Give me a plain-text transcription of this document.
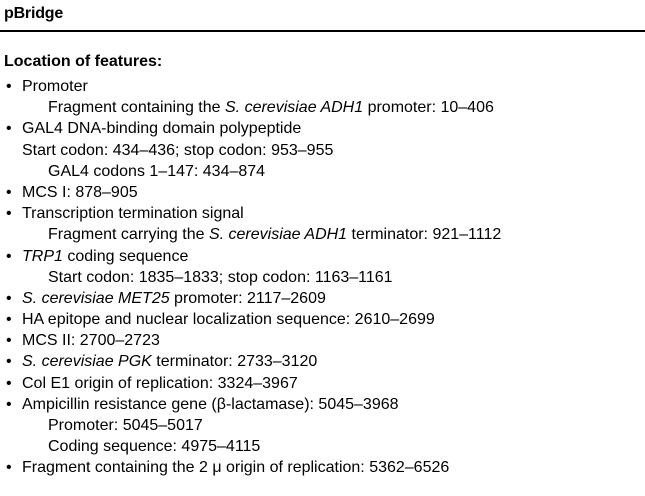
pBridge
Location of features:
• Promoter
Fragment containing the S. cerevisiae ADH1 promoter: 10–406
• GAL4 DNA-binding domain polypeptide
Start codon: 434–436; stop codon: 953–955
GAL4 codons 1–147: 434–874
• MCS I: 878–905
• Transcription termination signal
Fragment carrying the S. cerevisiae ADH1 terminator: 921–1112
• TRP1 coding sequence
Start codon: 1835–1833; stop codon: 1163–1161
• S. cerevisiae MET25 promoter: 2117–2609
• HA epitope and nuclear localization sequence: 2610–2699
• MCS II: 2700–2723
• S. cerevisiae PGK terminator: 2733–3120
• Col E1 origin of replication: 3324–3967
• Ampicillin resistance gene (β-lactamase): 5045–3968
Promoter: 5045–5017
Coding sequence: 4975–4115
• Fragment containing the 2 μ origin of replication: 5362–6526
